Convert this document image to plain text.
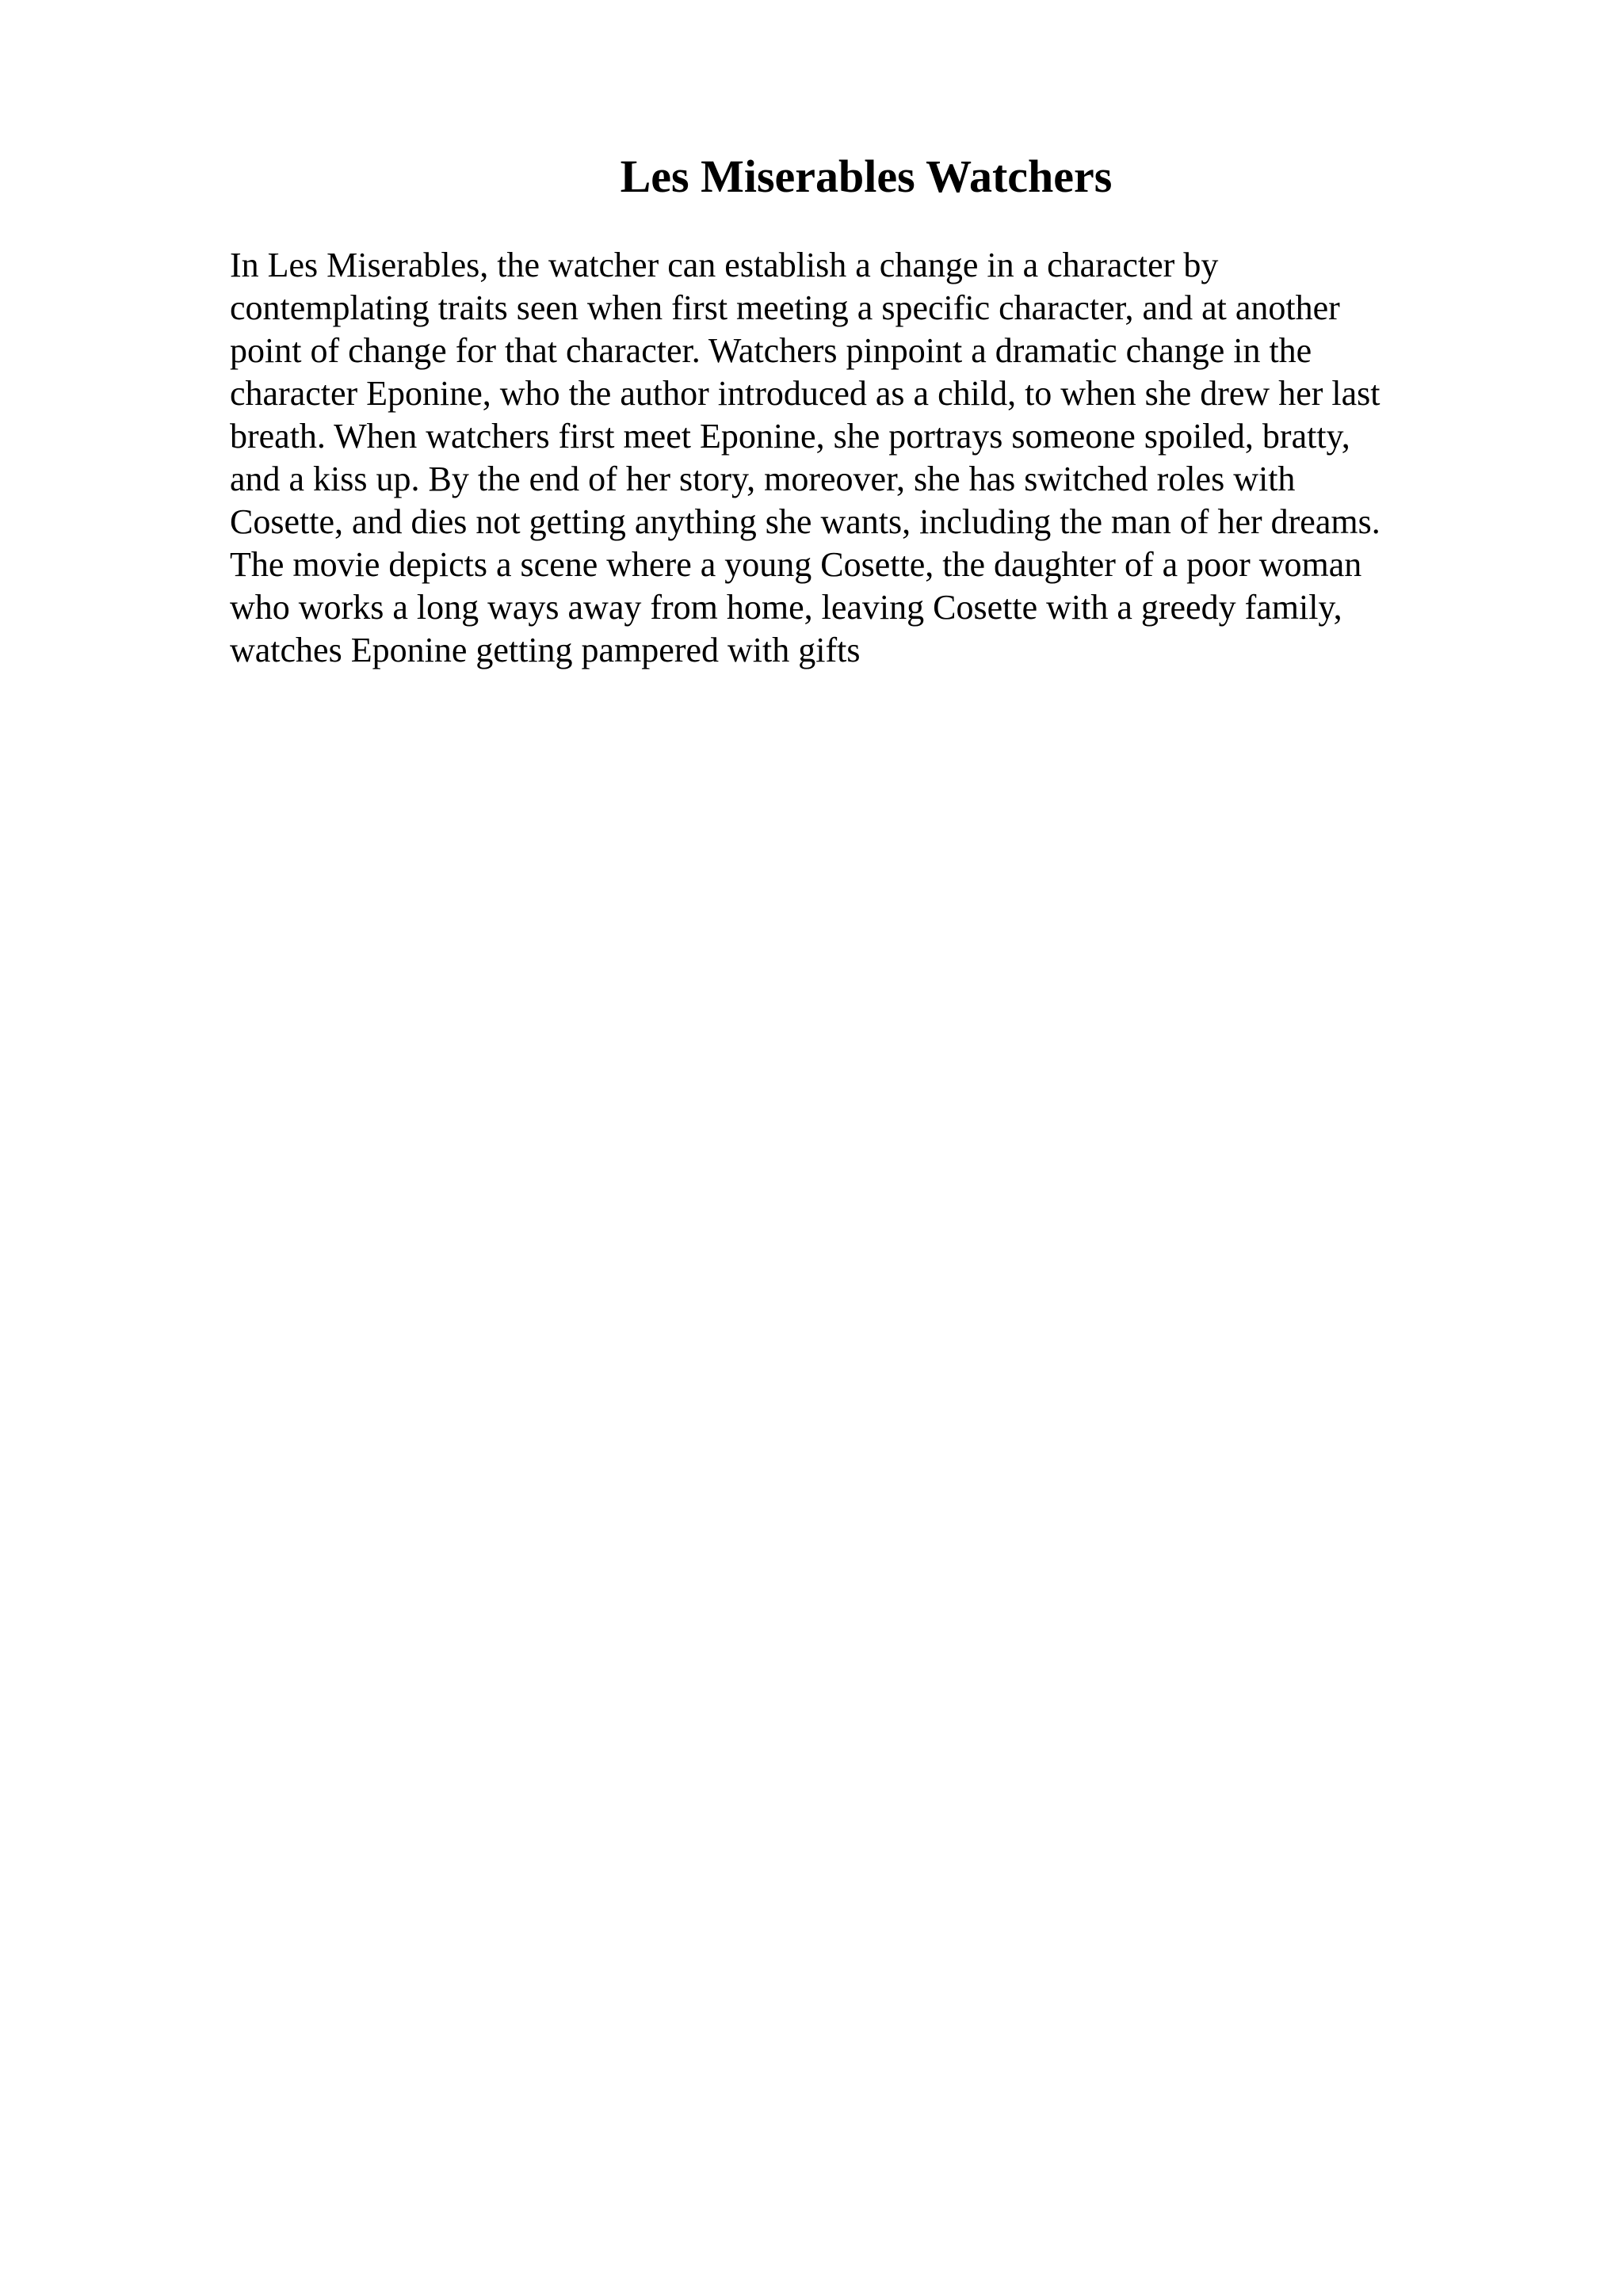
Les Miserables Watchers
In Les Miserables, the watcher can establish a change in a character by
contemplating traits seen when first meeting a specific character, and at another
point of change for that character. Watchers pinpoint a dramatic change in the
character Eponine, who the author introduced as a child, to when she drew her last
breath. When watchers first meet Eponine, she portrays someone spoiled, bratty,
and a kiss up. By the end of her story, moreover, she has switched roles with
Cosette, and dies not getting anything she wants, including the man of her dreams.
The movie depicts a scene where a young Cosette, the daughter of a poor woman
who works a long ways away from home, leaving Cosette with a greedy family,
watches Eponine getting pampered with gifts
